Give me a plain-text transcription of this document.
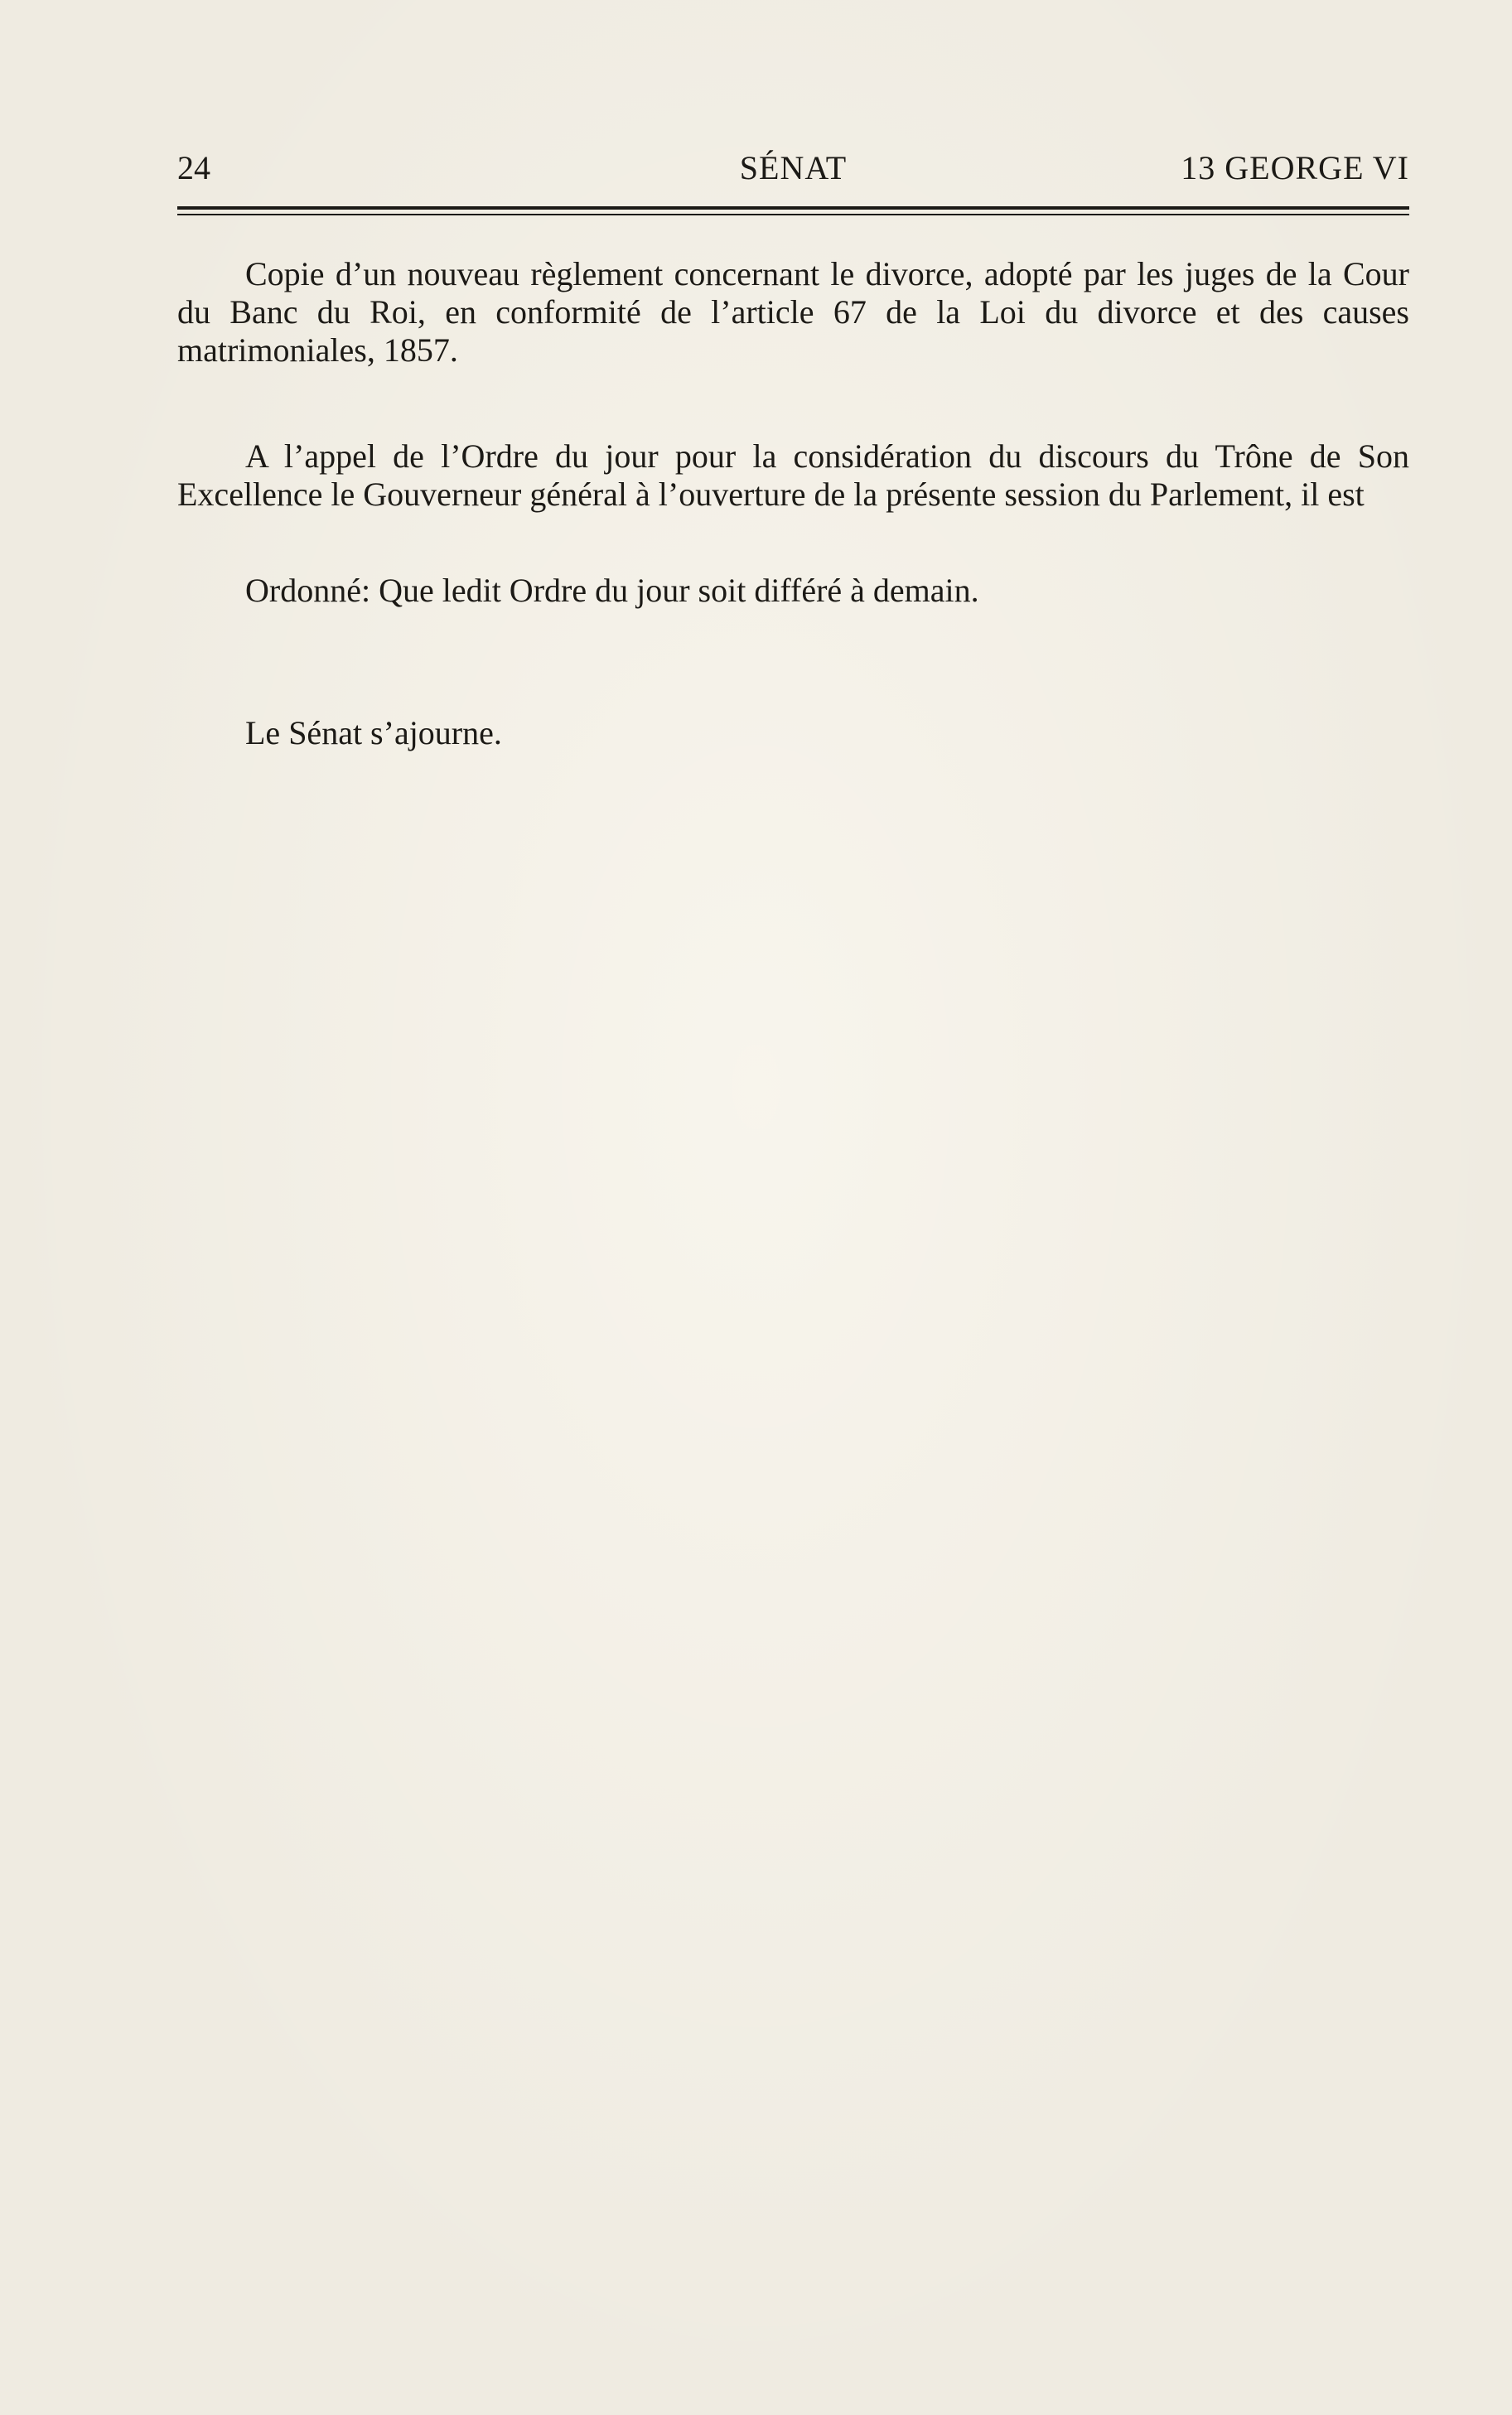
24	SÉNAT	13 GEORGE VI

Copie d’un nouveau règlement concernant le divorce, adopté par les juges de la Cour du Banc du Roi, en conformité de l’article 67 de la Loi du divorce et des causes matrimoniales, 1857.

A l’appel de l’Ordre du jour pour la considération du discours du Trône de Son Excellence le Gouverneur général à l’ouverture de la présente session du Parlement, il est

Ordonné: Que ledit Ordre du jour soit différé à demain.

Le Sénat s’ajourne.
